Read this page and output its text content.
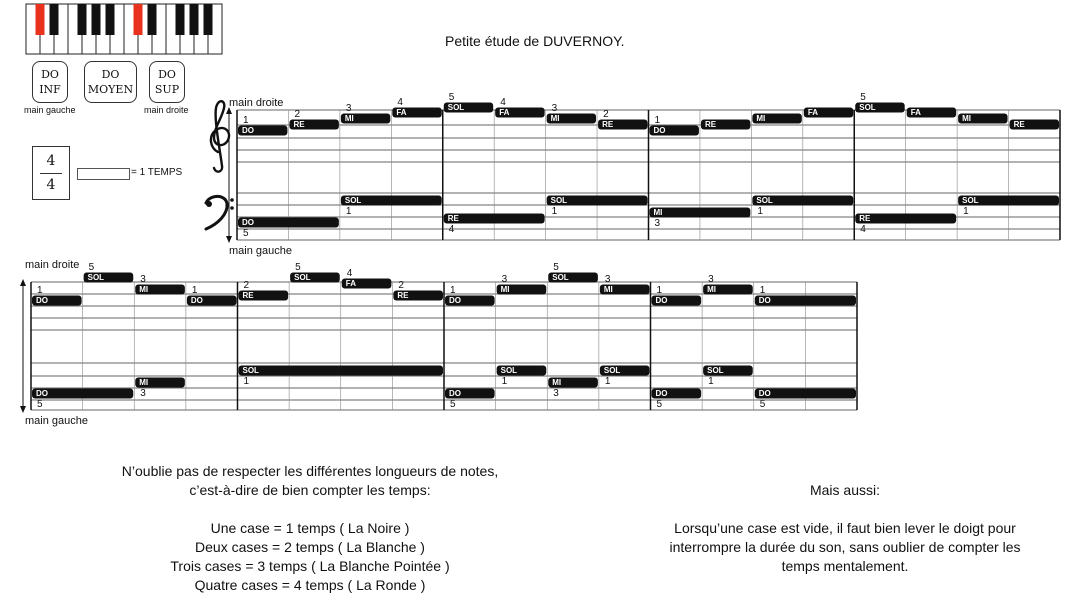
Petite étude de DUVERNOY.
DO
1	RE
2	MI
3	FA
4	SOL
5
FA
4
MI
3
RE
2
DO
1	RE
MI
FA
SOL
5
FA
MI
RE
DO
5
SOL
1
RE
4
SOL
1	MI
3
SOL
1
RE
4
SOL
1
DO
1
SOL
5
MI
3
DO
1	RE
2
SOL
5
FA
4
RE
2
DO
1	MI
3	SOL
5
MI
3
DO
1	MI
3
DO
1
DO
5
MI
3
SOL
1
DO
5
SOL
1	MI
3
SOL
1
DO
5
SOL
1
DO
5
DO
INF
DO
MOYEN
DO
SUP
main gauche	main droite
4
4
= 1 TEMPS
main droite
main gauche
main droite
main gauche

N’oublie pas de respecter les différentes longueurs de notes,

c’est-à-dire de bien compter les temps:

Une case = 1 temps ( La Noire )

Deux cases = 2 temps ( La Blanche )

Trois cases = 3 temps ( La Blanche Pointée )

Quatre cases = 4 temps ( La Ronde )

Mais aussi:

Lorsqu’une case est vide, il faut bien lever le doigt pour

interrompre la durée du son, sans oublier de compter les

temps mentalement.
